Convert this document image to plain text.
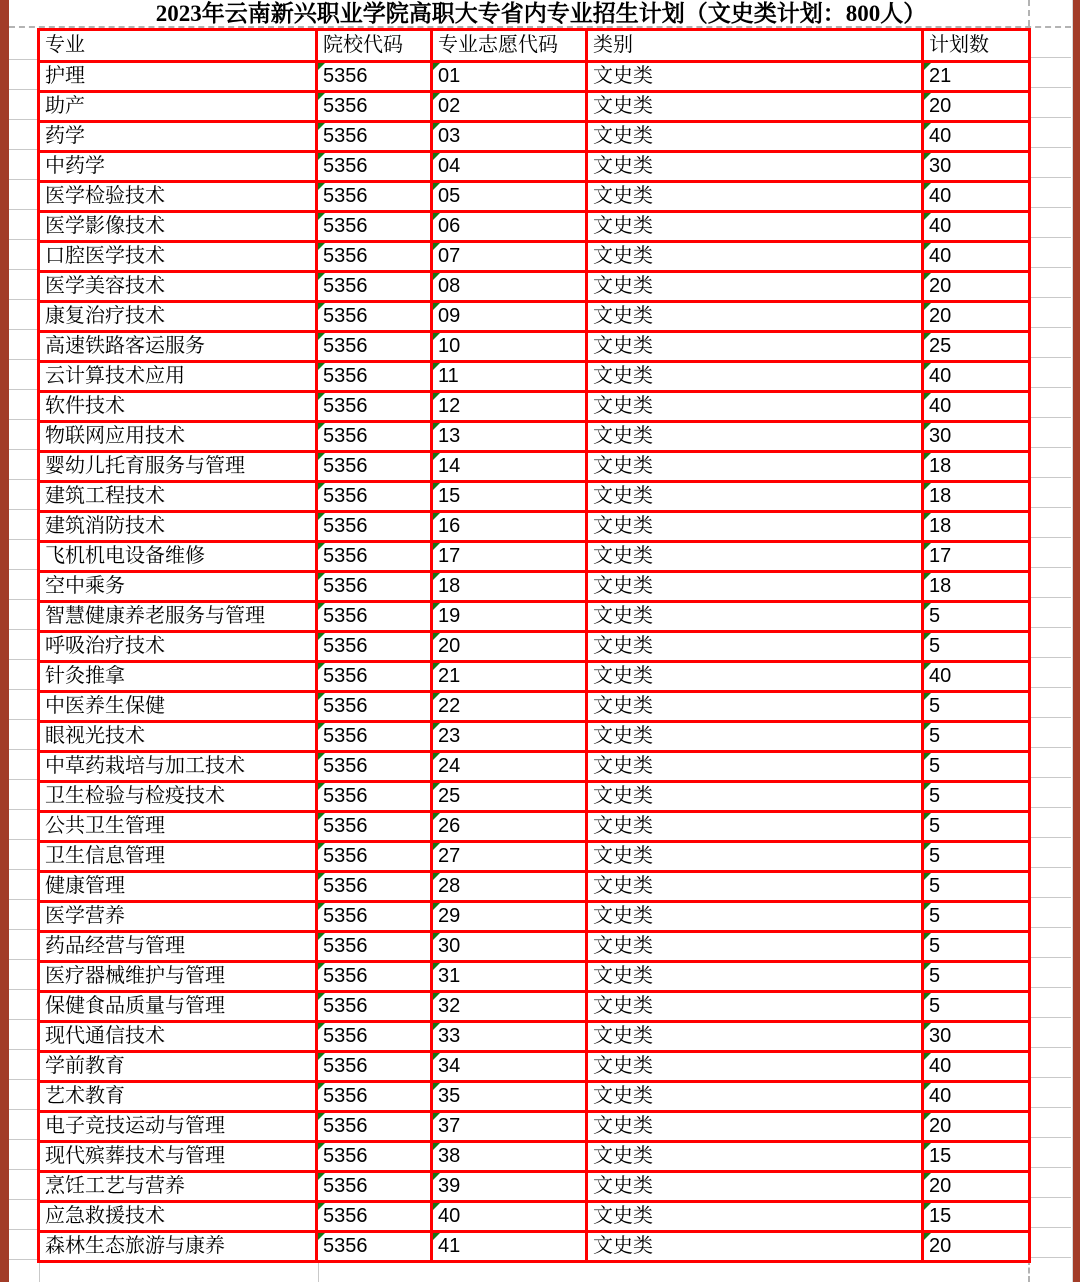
2023年云南新兴职业学院高职大专省内专业招生计划（文史类计划：800人）
专业	院校代码	专业志愿代码	类别	计划数
护理	5356	01	文史类	21
助产	5356	02	文史类	20
药学	5356	03	文史类	40
中药学	5356	04	文史类	30
医学检验技术	5356	05	文史类	40
医学影像技术	5356	06	文史类	40
口腔医学技术	5356	07	文史类	40
医学美容技术	5356	08	文史类	20
康复治疗技术	5356	09	文史类	20
高速铁路客运服务	5356	10	文史类	25
云计算技术应用	5356	11	文史类	40
软件技术	5356	12	文史类	40
物联网应用技术	5356	13	文史类	30
婴幼儿托育服务与管理	5356	14	文史类	18
建筑工程技术	5356	15	文史类	18
建筑消防技术	5356	16	文史类	18
飞机机电设备维修	5356	17	文史类	17
空中乘务	5356	18	文史类	18
智慧健康养老服务与管理	5356	19	文史类	5
呼吸治疗技术	5356	20	文史类	5
针灸推拿	5356	21	文史类	40
中医养生保健	5356	22	文史类	5
眼视光技术	5356	23	文史类	5
中草药栽培与加工技术	5356	24	文史类	5
卫生检验与检疫技术	5356	25	文史类	5
公共卫生管理	5356	26	文史类	5
卫生信息管理	5356	27	文史类	5
健康管理	5356	28	文史类	5
医学营养	5356	29	文史类	5
药品经营与管理	5356	30	文史类	5
医疗器械维护与管理	5356	31	文史类	5
保健食品质量与管理	5356	32	文史类	5
现代通信技术	5356	33	文史类	30
学前教育	5356	34	文史类	40
艺术教育	5356	35	文史类	40
电子竞技运动与管理	5356	37	文史类	20
现代殡葬技术与管理	5356	38	文史类	15
烹饪工艺与营养	5356	39	文史类	20
应急救援技术	5356	40	文史类	15
森林生态旅游与康养	5356	41	文史类	20
